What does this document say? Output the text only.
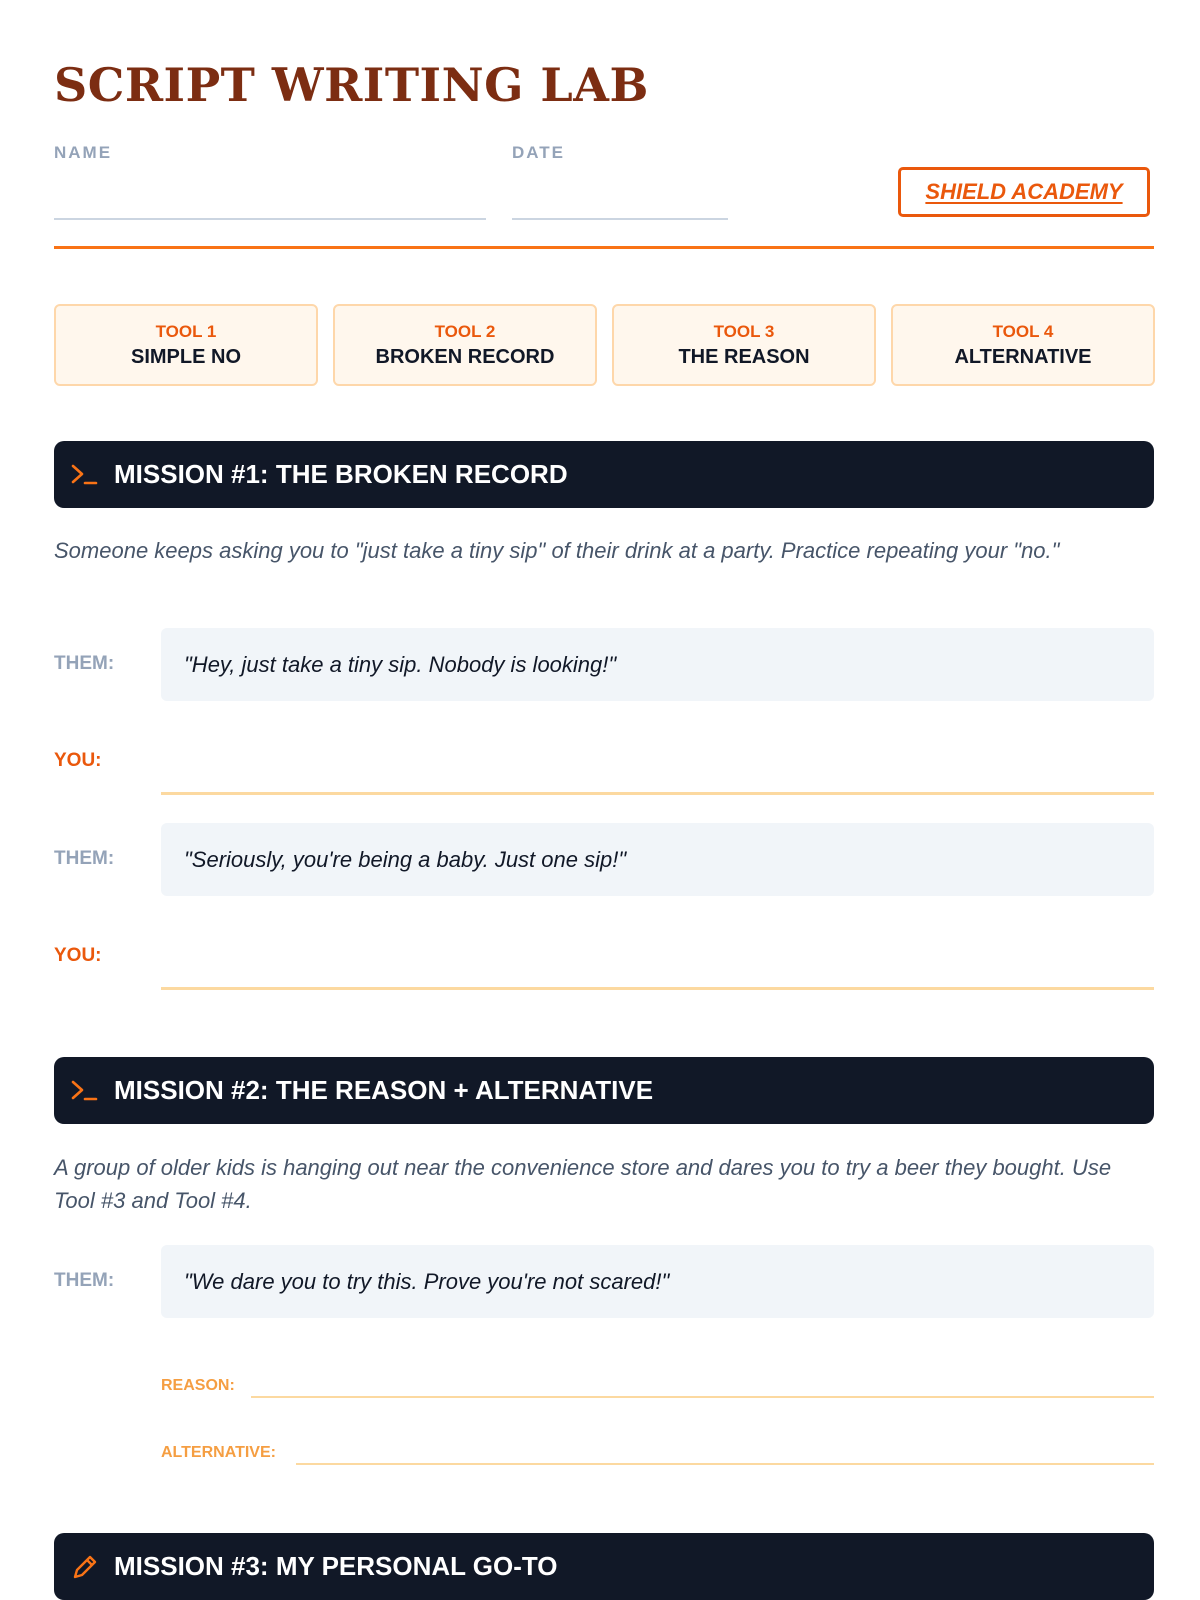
SCRIPT WRITING LAB
NAME	DATE
SHIELD ACADEMY
TOOL 1
SIMPLE NO
TOOL 2
BROKEN RECORD
TOOL 3
THE REASON
TOOL 4
ALTERNATIVE
MISSION #1: THE BROKEN RECORD
Someone keeps asking you to "just take a tiny sip" of their drink at a party. Practice repeating your "no."
THEM:	"Hey, just take a tiny sip. Nobody is looking!"
YOU:
THEM:	"Seriously, you're being a baby. Just one sip!"
YOU:
MISSION #2: THE REASON + ALTERNATIVE
A group of older kids is hanging out near the convenience store and dares you to try a beer they bought. Use Tool #3 and Tool #4.
THEM:	"We dare you to try this. Prove you're not scared!"
REASON:
ALTERNATIVE:
MISSION #3: MY PERSONAL GO-TO
